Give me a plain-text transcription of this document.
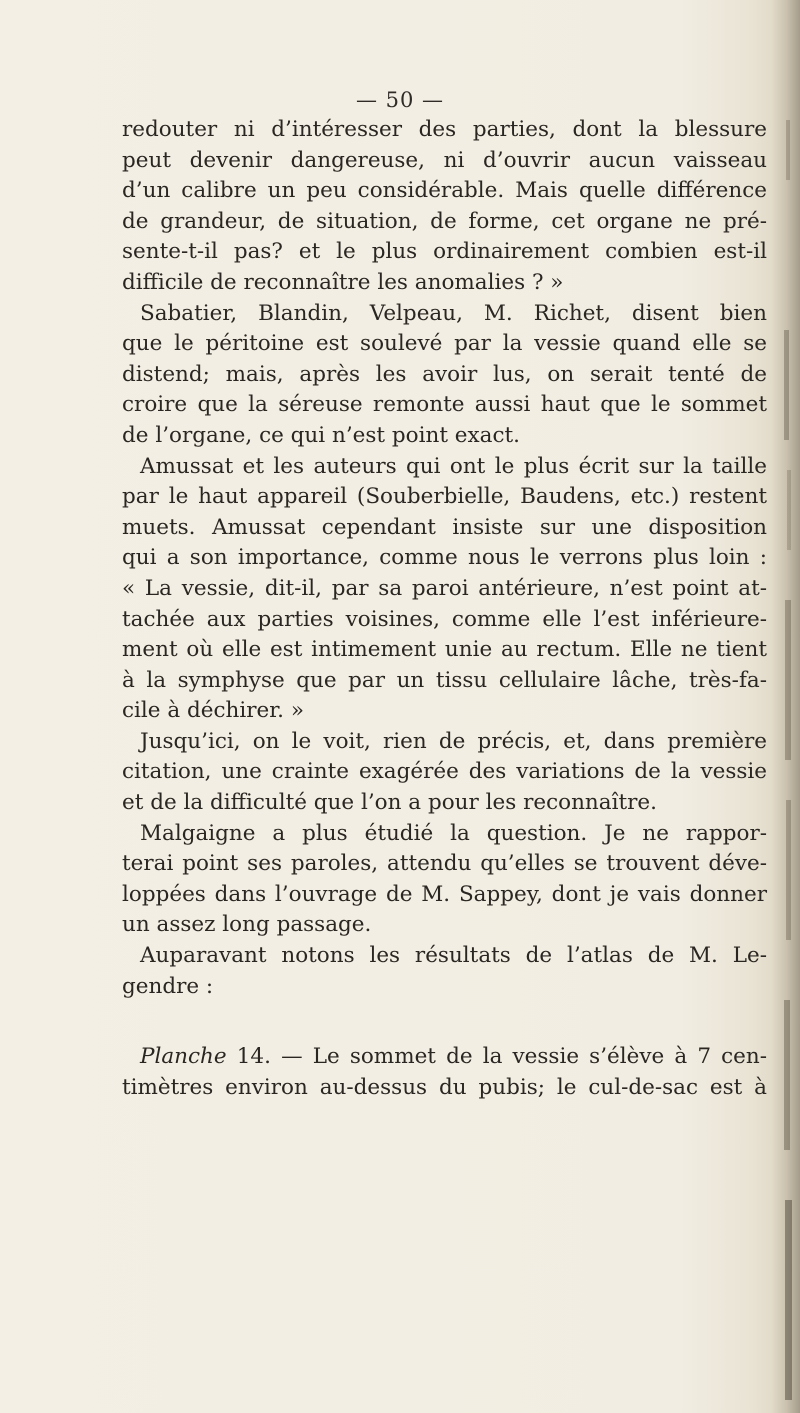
— 50 —
redouter ni d’intéresser des parties, dont la blessure
peut devenir dangereuse, ni d’ouvrir aucun vaisseau
d’un calibre un peu considérable. Mais quelle différence
de grandeur, de situation, de forme, cet organe ne pré-
sente-t-il pas? et le plus ordinairement combien est-il
difficile de reconnaître les anomalies ? »
Sabatier, Blandin, Velpeau, M. Richet, disent bien
que le péritoine est soulevé par la vessie quand elle se
distend; mais, après les avoir lus, on serait tenté de
croire que la séreuse remonte aussi haut que le sommet
de l’organe, ce qui n’est point exact.
Amussat et les auteurs qui ont le plus écrit sur la taille
par le haut appareil (Souberbielle, Baudens, etc.) restent
muets. Amussat cependant insiste sur une disposition
qui a son importance, comme nous le verrons plus loin :
« La vessie, dit-il, par sa paroi antérieure, n’est point at-
tachée aux parties voisines, comme elle l’est inférieure-
ment où elle est intimement unie au rectum. Elle ne tient
à la symphyse que par un tissu cellulaire lâche, très-fa-
cile à déchirer. »
Jusqu’ici, on le voit, rien de précis, et, dans première
citation, une crainte exagérée des variations de la vessie
et de la difficulté que l’on a pour les reconnaître.
Malgaigne a plus étudié la question. Je ne rappor-
terai point ses paroles, attendu qu’elles se trouvent déve-
loppées dans l’ouvrage de M. Sappey, dont je vais donner
un assez long passage.
Auparavant notons les résultats de l’atlas de M. Le-
gendre :
Planche 14. — Le sommet de la vessie s’élève à 7 cen-
timètres environ au-dessus du pubis; le cul-de-sac est à
